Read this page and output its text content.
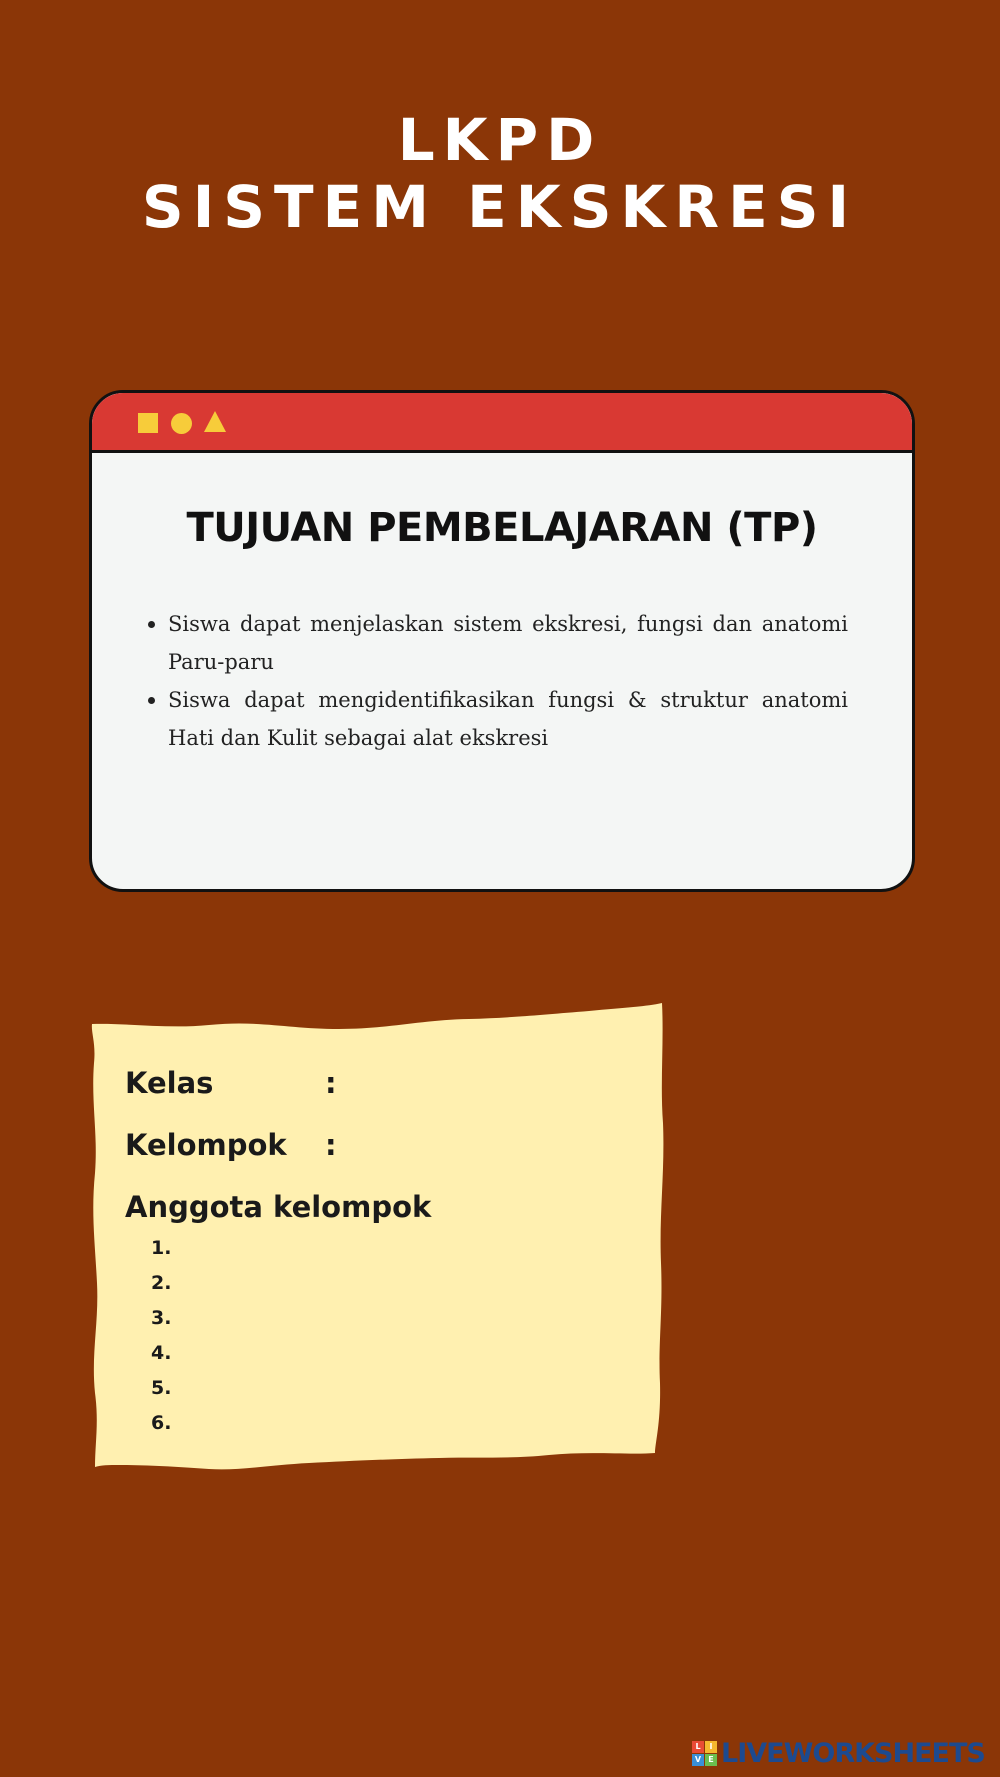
LKPD
SISTEM EKSKRESI
TUJUAN PEMBELAJARAN (TP)
Siswa dapat menjelaskan sistem ekskresi, fungsi dan anatomi Paru-paru
Siswa dapat mengidentifikasikan fungsi & struktur anatomi Hati dan Kulit sebagai alat ekskresi
Kelas	:
Kelompok :
Anggota kelompok
1.
2.
3.
4.
5.
6.
L	I
V E LIVEWORKSHEETS
